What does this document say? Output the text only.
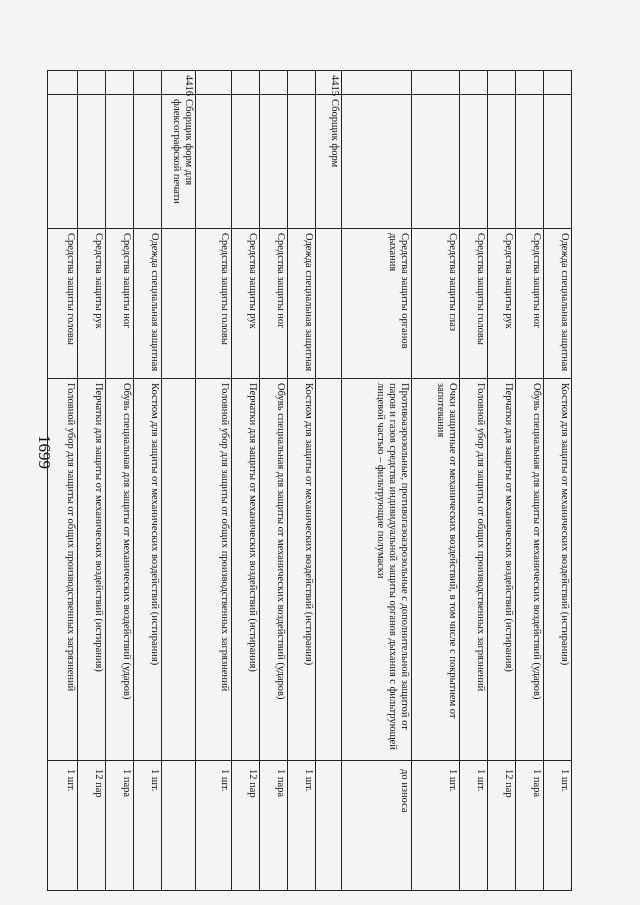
1699
		Одежда специальная защитная	Костюм для защиты от механических воздействий (истирания)	1 шт.
		Средства защиты ног	Обувь специальная для защиты от механических воздействий (ударов)	1 пара
		Средства защиты рук	Перчатки для защиты от механических воздействий (истирания)	12 пар
		Средства защиты головы	Головной убор для защиты от общих производственных загрязнений	1 шт.
		Средства защиты глаз	Очки защитные от механических воздействий, в том числе с покрытием от запотевания	1 шт.
		Средства защиты органов дыхания	Противоаэрозольные, противогазоаэрозольные с дополнительной защитой от паров и газов средства индивидуальной защиты органов дыхания с фильтрующей лицевой частью – фильтрующие полумаски	до износа
4415	Сборщик форм			
		Одежда специальная защитная	Костюм для защиты от механических воздействий (истирания)	1 шт.
		Средства защиты ног	Обувь специальная для защиты от механических воздействий (ударов)	1 пара
		Средства защиты рук	Перчатки для защиты от механических воздействий (истирания)	12 пар
		Средства защиты головы	Головной убор для защиты от общих производственных загрязнений	1 шт.
4416	Сборщик форм для флексографской печати			
		Одежда специальная защитная	Костюм для защиты от механических воздействий (истирания)	1 шт.
		Средства защиты ног	Обувь специальная для защиты от механических воздействий (ударов)	1 пара
		Средства защиты рук	Перчатки для защиты от механических воздействий (истирания)	12 пар
		Средства защиты головы	Головной убор для защиты от общих производственных загрязнений	1 шт.
